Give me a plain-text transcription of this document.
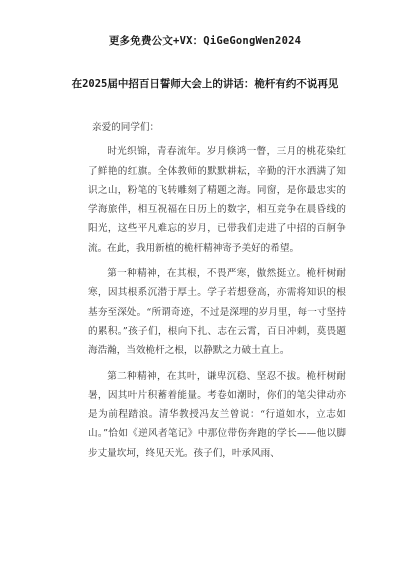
更多免费公文+VX：QiGeGongWen2024
在2025届中招百日誓师大会上的讲话：桅杆有约不说再见

亲爱的同学们：

时光织锦，青春流年。岁月倏鸿一瞥，三月的桃花染红了鲜艳的红旗。全体教师的默默耕耘，辛勤的汗水洒满了知识之山，粉笔的飞转雕刻了精题之海。同窗，是你最忠实的学海旅伴，相互祝福在日历上的数字，相互竞争在晨昏线的阳光，这些平凡难忘的岁月，已带我们走进了中招的百舸争流。在此，我用新植的桅杆精神寄予美好的希望。

第一种精神，在其根，不畏严寒，傲然挺立。桅杆树耐寒，因其根系沉潜于厚土。学子若想登高，亦需将知识的根基夯至深处。“所谓奇迹，不过是深埋的岁月里，每一寸坚持的累积。”孩子们，根向下扎、志在云霄，百日冲刺，莫畏题海浩瀚，当效桅杆之根，以静默之力破土直上。

第二种精神，在其叶，谦卑沉稳、坚忍不拔。桅杆树耐暑，因其叶片积蓄着能量。考卷如潮时，你们的笔尖律动亦是为前程踏浪。清华教授冯友兰曾说：“行道如水，立志如山。”恰如《逆风者笔记》中那位带伤奔跑的学长——他以脚步丈量坎坷，终见天光。孩子们，叶承风雨、
